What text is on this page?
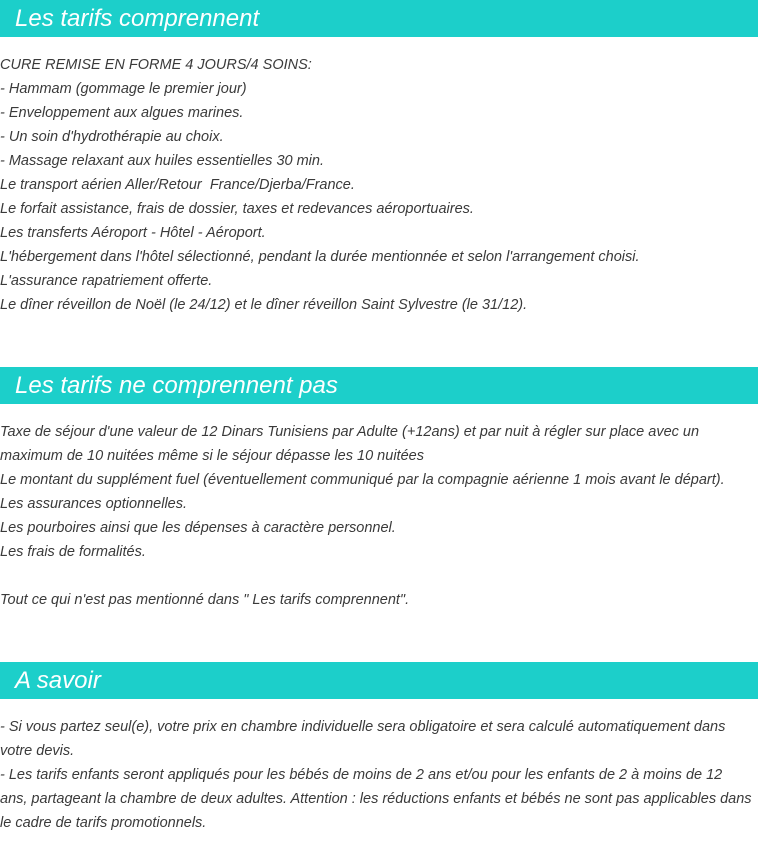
Les tarifs comprennent
CURE REMISE EN FORME 4 JOURS/4 SOINS:
- Hammam (gommage le premier jour)
- Enveloppement aux algues marines.
- Un soin d'hydrothérapie au choix.
- Massage relaxant aux huiles essentielles 30 min.
Le transport aérien Aller/Retour  France/Djerba/France.
Le forfait assistance, frais de dossier, taxes et redevances aéroportuaires.
Les transferts Aéroport - Hôtel - Aéroport.
L'hébergement dans l'hôtel sélectionné, pendant la durée mentionnée et selon l'arrangement choisi.
L'assurance rapatriement offerte.
Le dîner réveillon de Noël (le 24/12) et le dîner réveillon Saint Sylvestre (le 31/12).
Les tarifs ne comprennent pas
Taxe de séjour d'une valeur de 12 Dinars Tunisiens par Adulte (+12ans) et par nuit à régler sur place avec un maximum de 10 nuitées même si le séjour dépasse les 10 nuitées
Le montant du supplément fuel (éventuellement communiqué par la compagnie aérienne 1 mois avant le départ).
Les assurances optionnelles.
Les pourboires ainsi que les dépenses à caractère personnel.
Les frais de formalités.
Tout ce qui n'est pas mentionné dans " Les tarifs comprennent".
A savoir
- Si vous partez seul(e), votre prix en chambre individuelle sera obligatoire et sera calculé automatiquement dans votre devis.
- Les tarifs enfants seront appliqués pour les bébés de moins de 2 ans et/ou pour les enfants de 2 à moins de 12 ans, partageant la chambre de deux adultes. Attention : les réductions enfants et bébés ne sont pas applicables dans le cadre de tarifs promotionnels.
